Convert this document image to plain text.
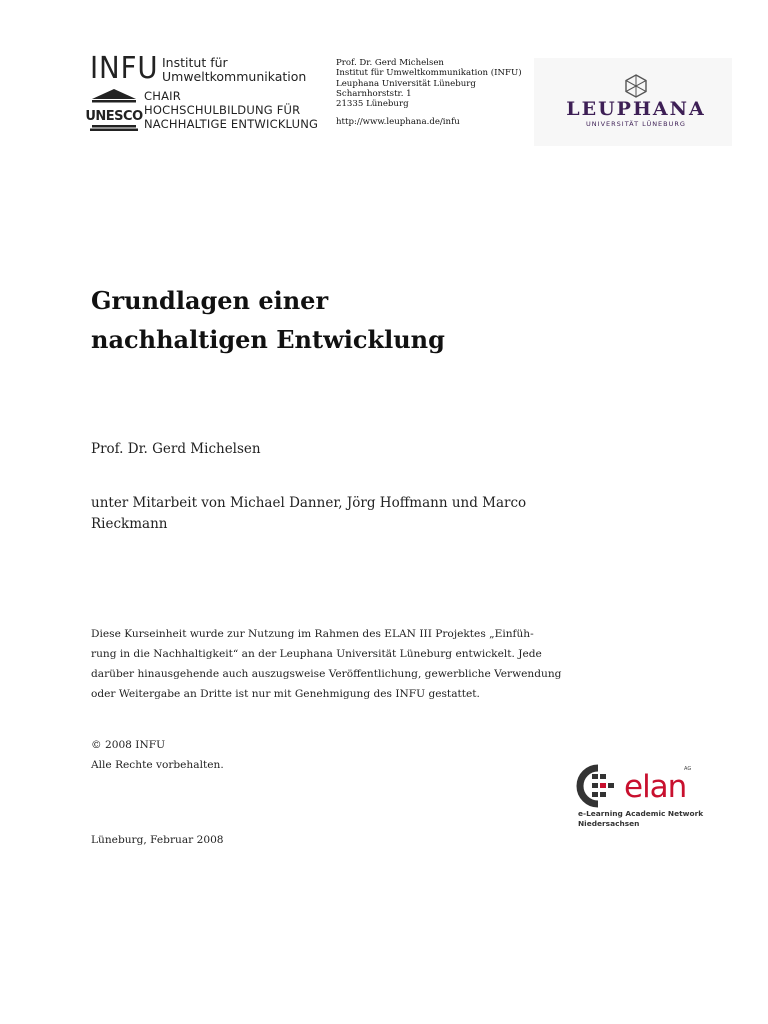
INFU Institut für
Umweltkommunikation
UNESCO
CHAIR
HOCHSCHULBILDUNG FÜR
NACHHALTIGE ENTWICKLUNG
Prof. Dr. Gerd Michelsen
Institut für Umweltkommunikation (INFU)
Leuphana Universität Lüneburg
Scharnhorststr. 1
21335 Lüneburg
http://www.leuphana.de/infu
LEUPHANA
UNIVERSITÄT LÜNEBURG
Grundlagen einer
nachhaltigen Entwicklung
Prof. Dr. Gerd Michelsen
unter Mitarbeit von Michael Danner, Jörg Hoffmann und Marco
Rieckmann
Diese Kurseinheit wurde zur Nutzung im Rahmen des ELAN III Projektes „Einfüh-
rung in die Nachhaltigkeit“ an der Leuphana Universität Lüneburg entwickelt. Jede
darüber hinausgehende auch auszugsweise Veröffentlichung, gewerbliche Verwendung
oder Weitergabe an Dritte ist nur mit Genehmigung des INFU gestattet.
© 2008 INFU
Alle Rechte vorbehalten.
Lüneburg, Februar 2008
elan
AG
e-Learning Academic Network
Niedersachsen
